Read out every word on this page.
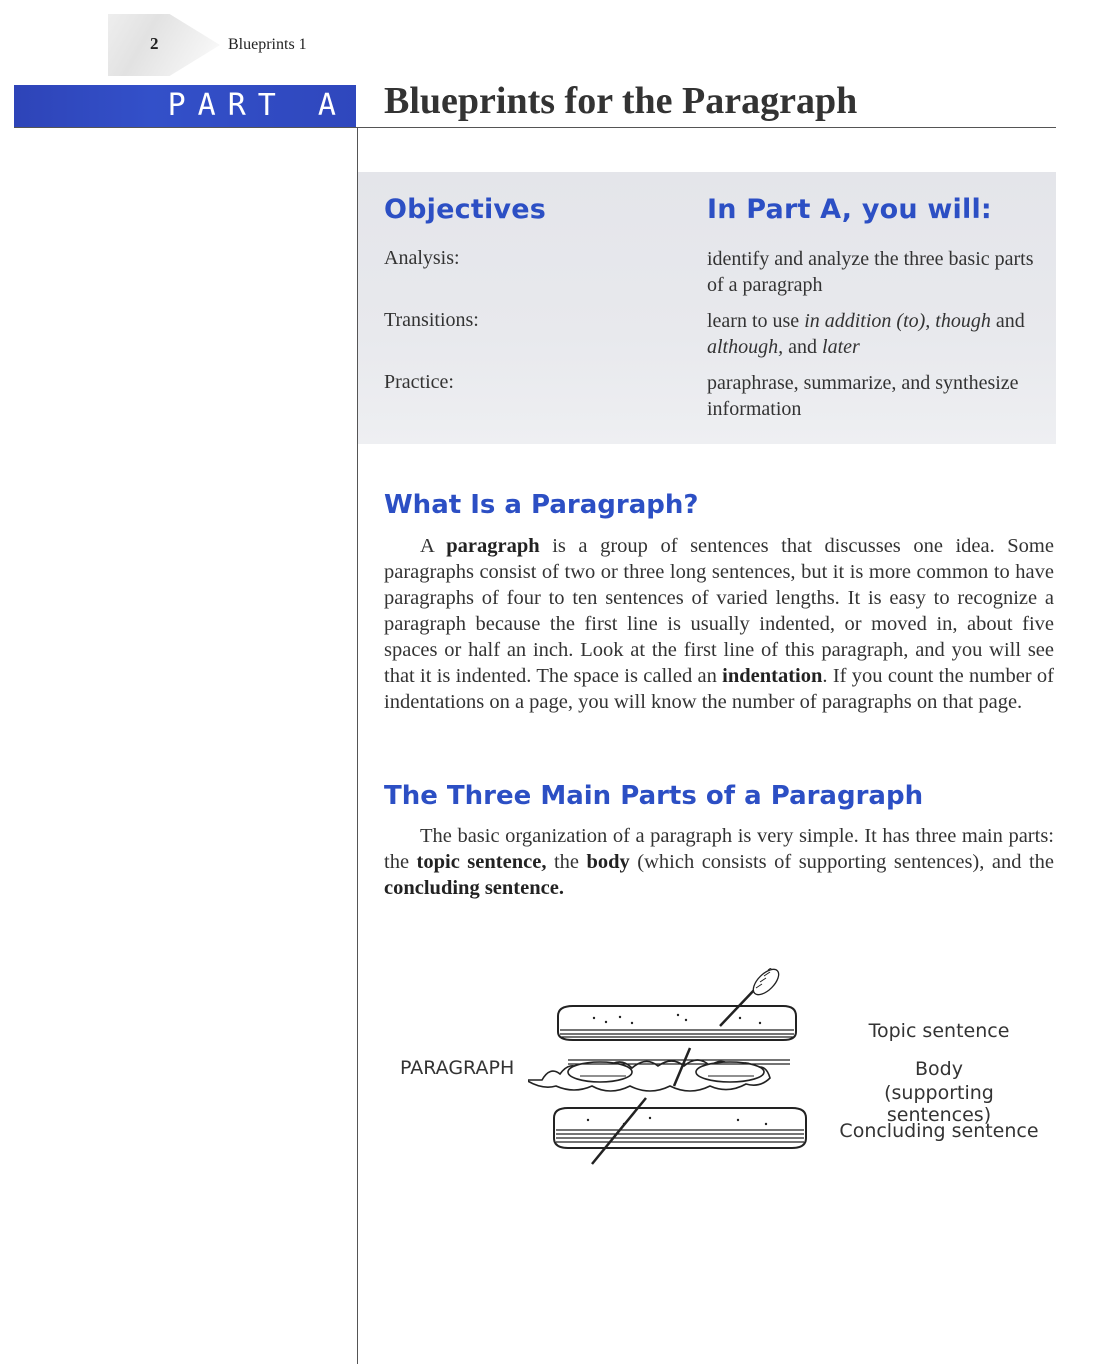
2	Blueprints 1
PART A Blueprints for the Paragraph
Objectives	In Part A, you will:
Analysis:	identify and analyze the three basic parts of a paragraph
Transitions:	learn to use in addition (to), though and although, and later
Practice:	paraphrase, summarize, and synthesize information
What Is a Paragraph?

A paragraph is a group of sentences that discusses one idea. Some paragraphs consist of two or three long sentences, but it is more common to have paragraphs of four to ten sentences of varied lengths. It is easy to recognize a paragraph because the first line is usually indented, or moved in, about five spaces or half an inch. Look at the first line of this paragraph, and you will see that it is indented. The space is called an indentation. If you count the number of indentations on a page, you will know the number of paragraphs on that page.

The Three Main Parts of a Paragraph

The basic organization of a paragraph is very simple. It has three main parts: the topic sentence, the body (which consists of supporting sentences), and the concluding sentence.

PARAGRAPH
Topic sentence
Body
(supporting sentences)
Concluding sentence
